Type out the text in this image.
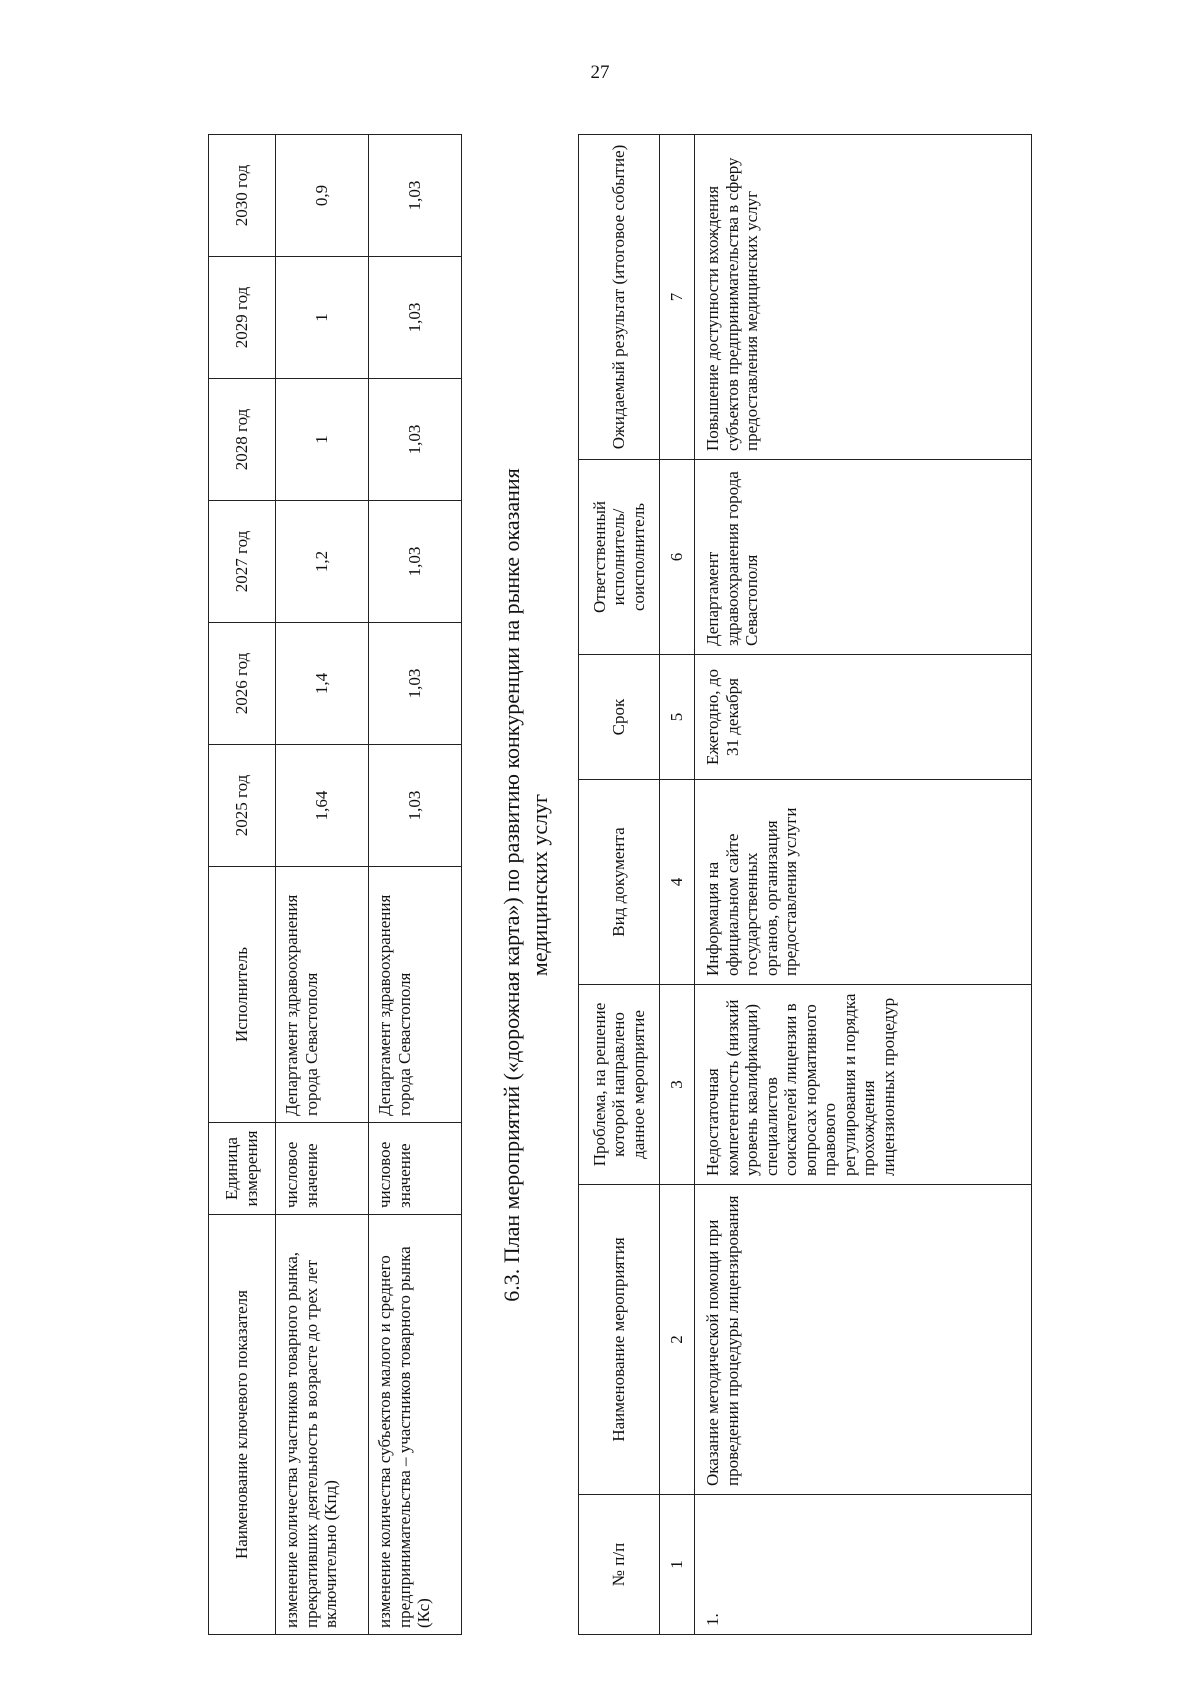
27
Наименование ключевого показателя	Единица измерения	Исполнитель	2025 год	2026 год	2027 год	2028 год	2029 год	2030 год
изменение количества участников товарного рынка, прекративших деятельность в возрасте до трех лет включительно (Кпд)	числовое значение	Департамент здравоохранения города Севастополя	1,64	1,4	1,2	1	1	0,9
изменение количества субъектов малого и среднего предпринимательства – участников товарного рынка (Кс)	числовое значение	Департамент здравоохранения города Севастополя	1,03	1,03	1,03	1,03	1,03	1,03
6.3. План мероприятий («дорожная карта») по развитию конкуренции на рынке оказания медицинских услуг
№ п/п	Наименование мероприятия	Проблема, на решение которой направлено данное мероприятие	Вид документа	Срок	Ответственный исполнитель/ соисполнитель	Ожидаемый результат (итоговое событие)
1	2	3	4	5	6	7
1.	Оказание методической помощи при проведении процедуры лицензирования	Недостаточная компетентность (низкий уровень квалификации) специалистов соискателей лицензии в вопросах нормативного правового регулирования и порядка прохождения лицензионных процедур	Информация на официальном сайте государственных органов, организация предоставления услуги	Ежегодно, до 31 декабря	Департамент здравоохранения города Севастополя	Повышение доступности вхождения субъектов предпринимательства в сферу предоставления медицинских услуг
